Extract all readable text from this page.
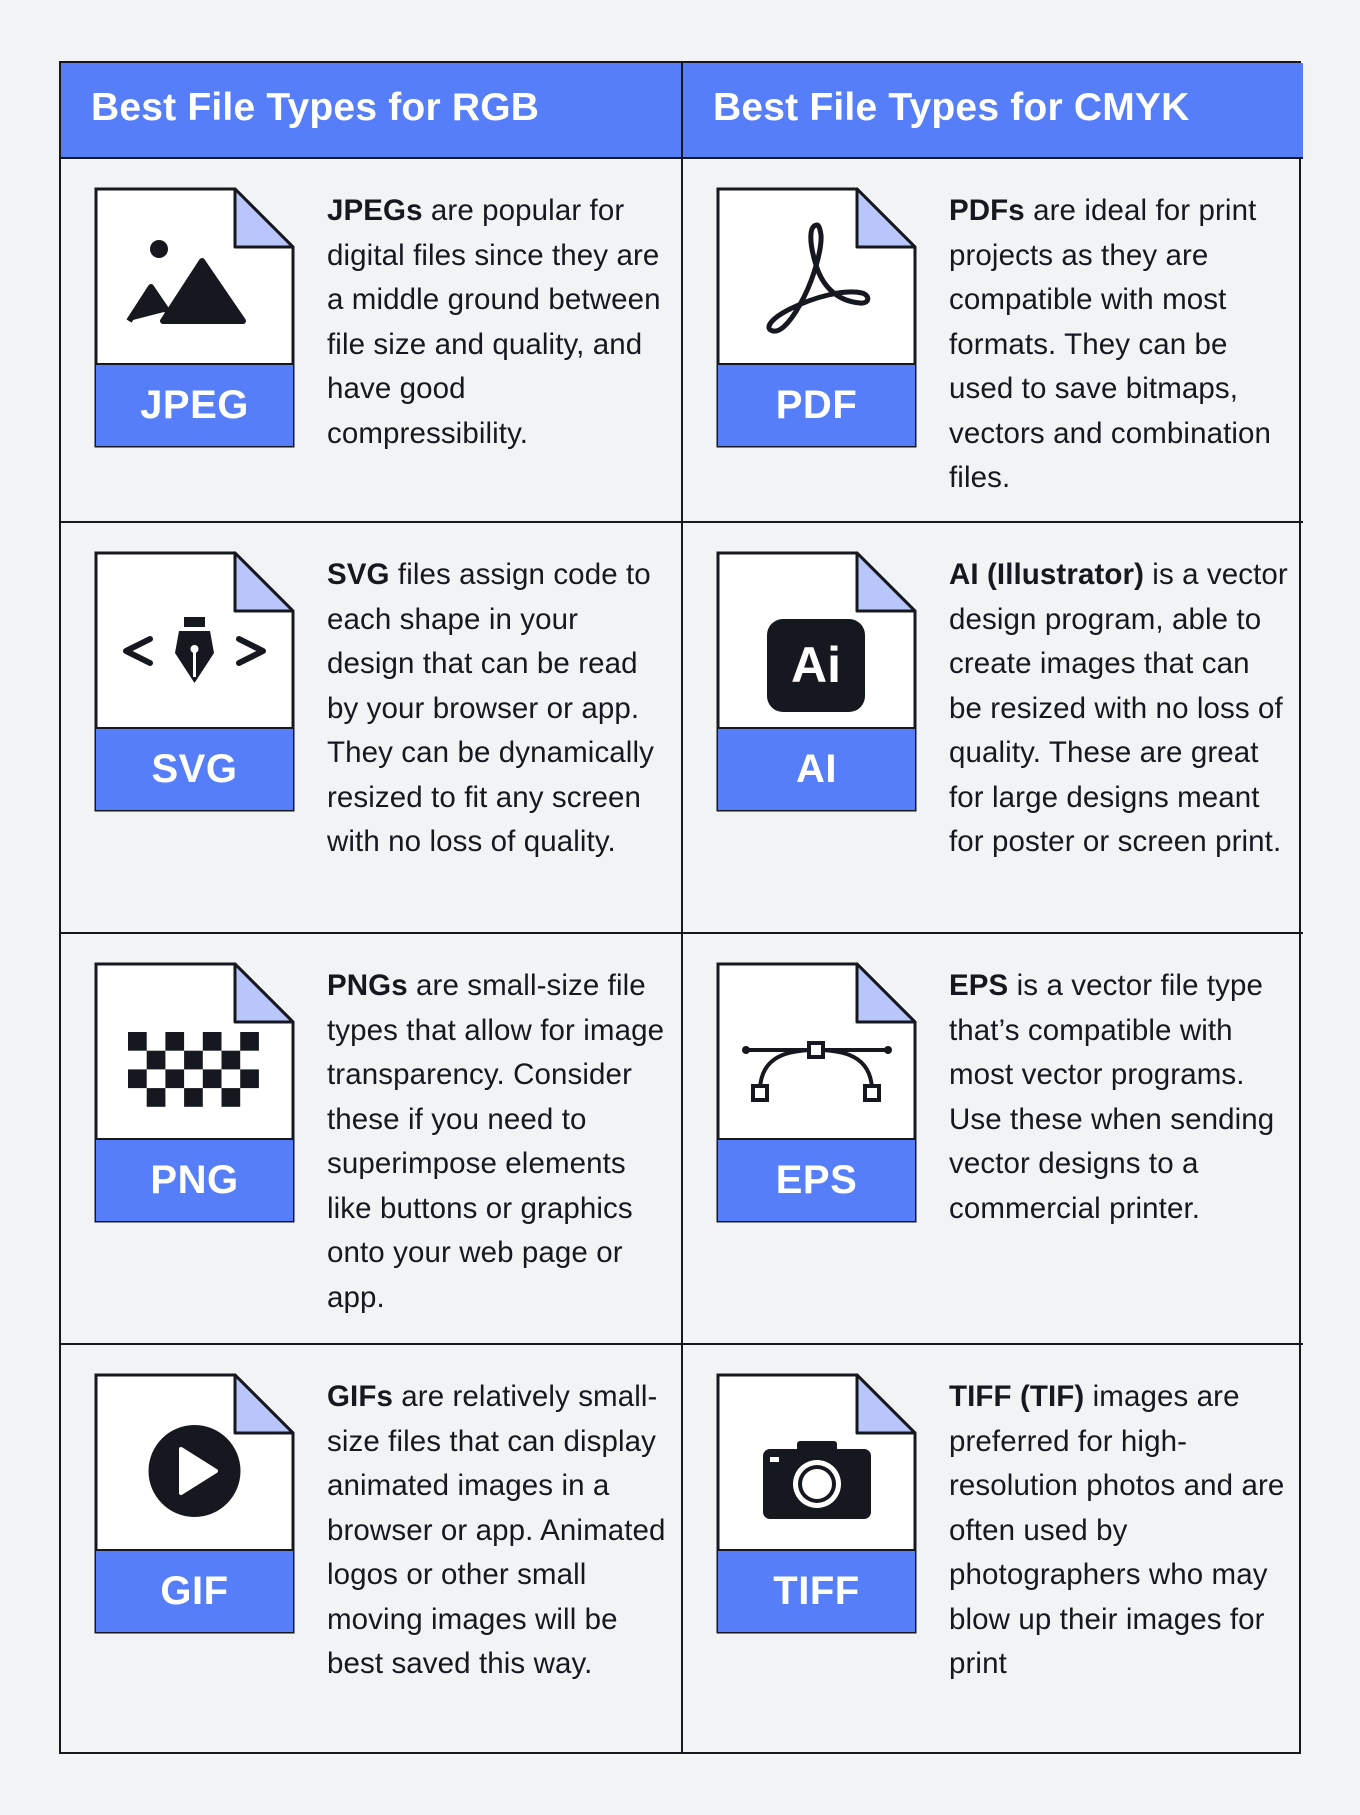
Best File Types for RGB
JPEG
JPEGs are popular for digital files since they are a middle ground between file size and quality, and have good compressibility.
SVG
SVG files assign code to each shape in your design that can be read by your browser or app. They can be dynamically resized to fit any screen with no loss of quality.
PNG
PNGs are small-size file types that allow for image transparency. Consider these if you need to superimpose elements like buttons or graphics onto your web page or app.
GIF
GIFs are relatively small-size files that can display animated images in a browser or app. Animated logos or other small moving images will be best saved this way.
Best File Types for CMYK
PDF
PDFs are ideal for print projects as they are compatible with most formats. They can be used to save bitmaps, vectors and combination files.
Ai
AI
AI (Illustrator) is a vector design program, able to create images that can be resized with no loss of quality. These are great for large designs meant for poster or screen print.
EPS
EPS is a vector file type that’s compatible with most vector programs. Use these when sending vector designs to a commercial printer.
TIFF
TIFF (TIF) images are preferred for high-resolution photos and are often used by photographers who may blow up their images for print
